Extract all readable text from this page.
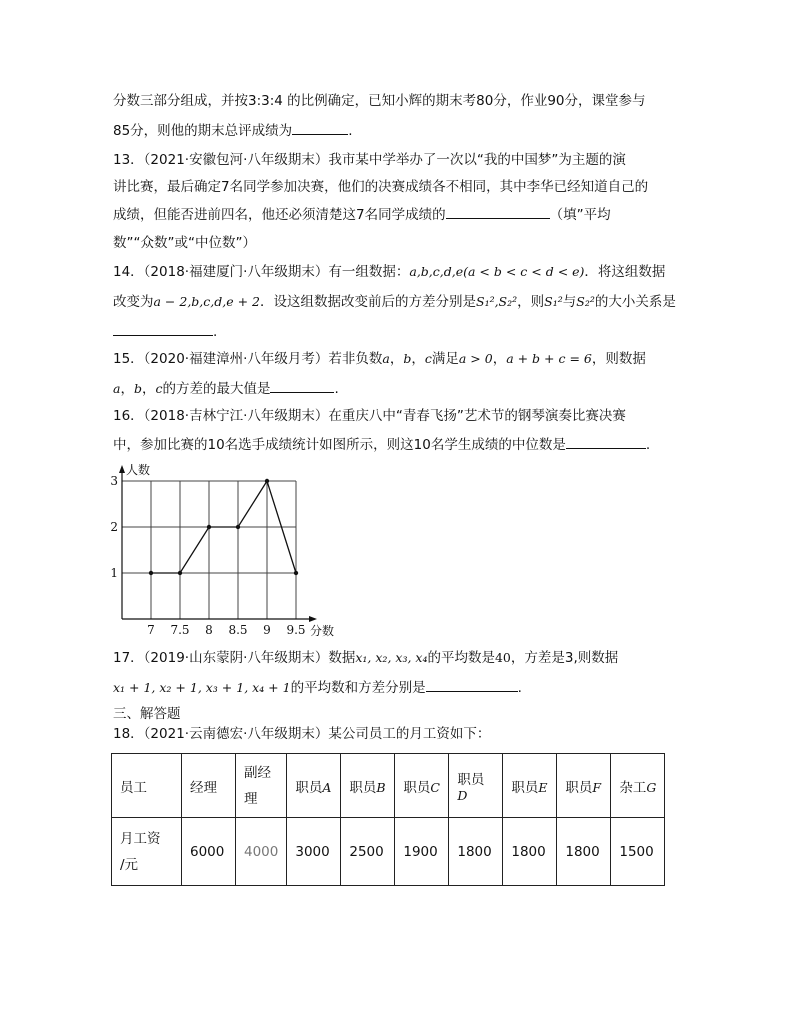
分数三部分组成，并按3:3:4 的比例确定，已知小辉的期末考80分，作业90分，课堂参与
85分，则他的期末总评成绩为	.
13．（2021·安徽包河·八年级期末）我市某中学举办了一次以“我的中国梦”为主题的演
讲比赛，最后确定7名同学参加决赛，他们的决赛成绩各不相同，其中李华已经知道自己的
成绩，但能否进前四名，他还必须清楚这7名同学成绩的	（填”平均
数”“众数”或“中位数”）
14．（2018·福建厦门·八年级期末）有一组数据：a,b,c,d,e(a < b < c < d < e)．将这组数据
改变为a − 2,b,c,d,e + 2．设这组数据改变前后的方差分别是S₁²,S₂²，则S₁²与S₂²的大小关系是
.
15．（2020·福建漳州·八年级月考）若非负数a，b，c满足a > 0，a + b + c = 6，则数据
a，b，c的方差的最大值是	.
16．（2018·吉林宁江·八年级期末）在重庆八中“青春飞扬”艺术节的钢琴演奏比赛决赛
中，参加比赛的10名选手成绩统计如图所示，则这10名学生成绩的中位数是	.
1
2
3
7 7.5 8 8.5 9 9.5
人数
分数
17．（2019·山东蒙阴·八年级期末）数据x₁, x₂, x₃, x₄的平均数是40，方差是3,则数据
x₁ + 1, x₂ + 1, x₃ + 1, x₄ + 1的平均数和方差分别是	.
三、解答题
18．（2021·云南德宏·八年级期末）某公司员工的月工资如下：
员工	经理	副经理	职员A	职员B	职员C	职员D	职员E	职员F	杂工G
月工资
/元	6000	4000	3000	2500	1900	1800	1800	1800	1500
